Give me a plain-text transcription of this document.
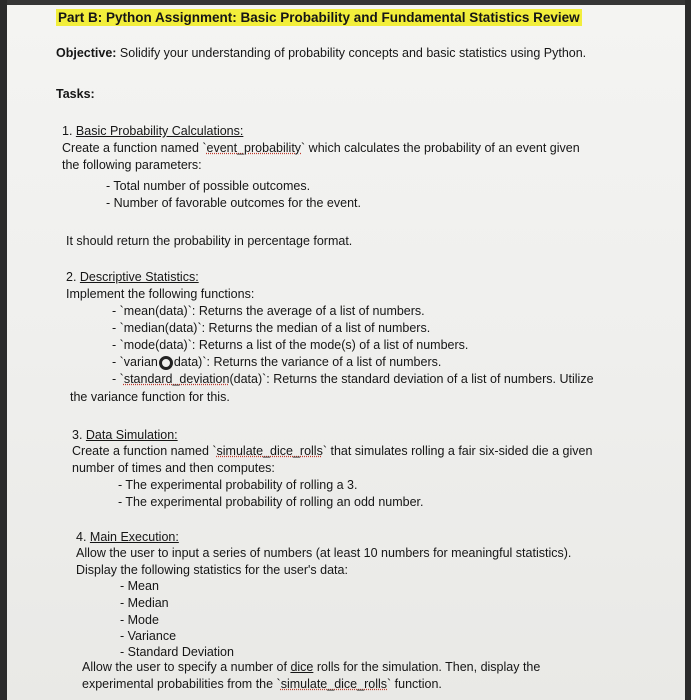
Part B: Python Assignment: Basic Probability and Fundamental Statistics Review
Objective: Solidify your understanding of probability concepts and basic statistics using Python.
Tasks:
1. Basic Probability Calculations:
Create a function named `event_probability` which calculates the probability of an event given
the following parameters:
- Total number of possible outcomes.
- Number of favorable outcomes for the event.
It should return the probability in percentage format.
2. Descriptive Statistics:
Implement the following functions:
- `mean(data)`: Returns the average of a list of numbers.
- `median(data)`: Returns the median of a list of numbers.
- `mode(data)`: Returns a list of the mode(s) of a list of numbers.
- `varian○data)`: Returns the variance of a list of numbers.
- `standard_deviation(data)`: Returns the standard deviation of a list of numbers. Utilize
the variance function for this.
3. Data Simulation:
Create a function named `simulate_dice_rolls` that simulates rolling a fair six-sided die a given
number of times and then computes:
- The experimental probability of rolling a 3.
- The experimental probability of rolling an odd number.
4. Main Execution:
Allow the user to input a series of numbers (at least 10 numbers for meaningful statistics).
Display the following statistics for the user's data:
- Mean
- Median
- Mode
- Variance
- Standard Deviation
Allow the user to specify a number of dice rolls for the simulation. Then, display the
experimental probabilities from the `simulate_dice_rolls` function.
